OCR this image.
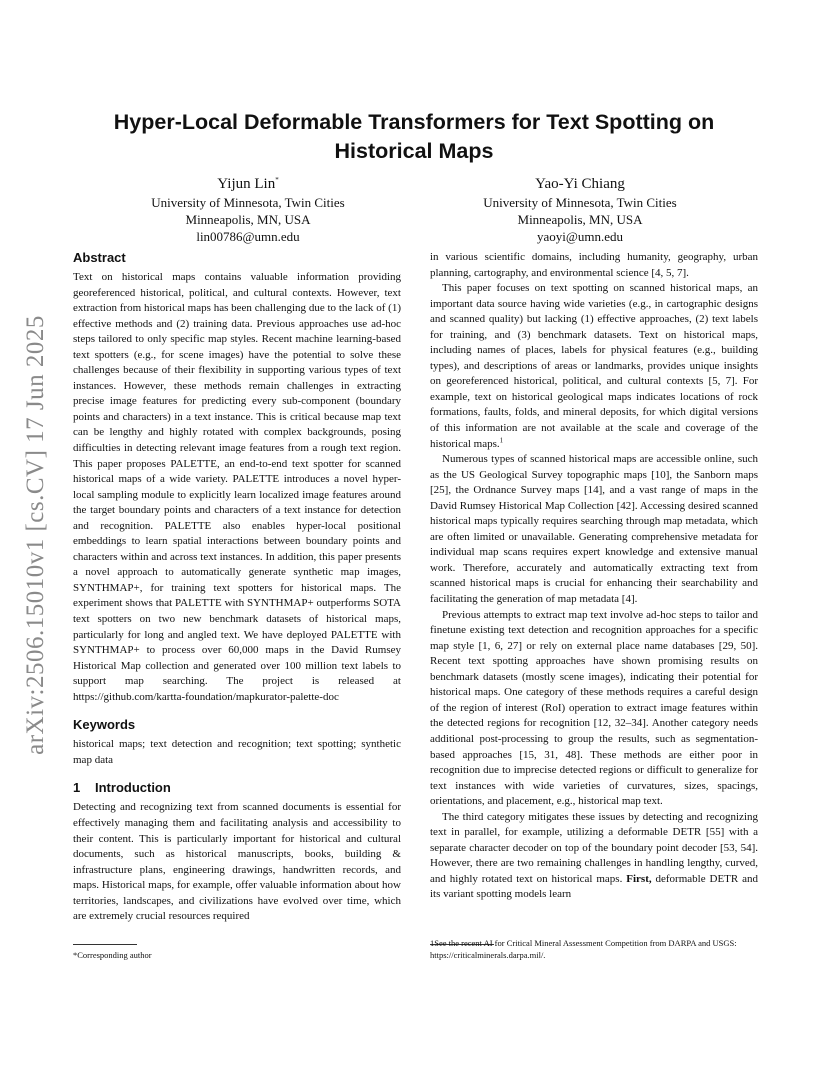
arXiv:2506.15010v1 [cs.CV] 17 Jun 2025
Hyper-Local Deformable Transformers for Text Spotting on Historical Maps
Yijun Lin*
University of Minnesota, Twin Cities
Minneapolis, MN, USA
lin00786@umn.edu
Yao-Yi Chiang
University of Minnesota, Twin Cities
Minneapolis, MN, USA
yaoyi@umn.edu
Abstract

Text on historical maps contains valuable information providing georeferenced historical, political, and cultural contexts. However, text extraction from historical maps has been challenging due to the lack of (1) effective methods and (2) training data. Previous approaches use ad-hoc steps tailored to only specific map styles. Recent machine learning-based text spotters (e.g., for scene images) have the potential to solve these challenges because of their flexibility in supporting various types of text instances. However, these methods remain challenges in extracting precise image features for predicting every sub-component (boundary points and characters) in a text instance. This is critical because map text can be lengthy and highly rotated with complex backgrounds, posing difficulties in detecting relevant image features from a rough text region. This paper proposes PALETTE, an end-to-end text spotter for scanned historical maps of a wide variety. PALETTE introduces a novel hyper-local sampling module to explicitly learn localized image features around the target boundary points and characters of a text instance for detection and recognition. PALETTE also enables hyper-local positional embeddings to learn spatial interactions between boundary points and characters within and across text instances. In addition, this paper presents a novel approach to automatically generate synthetic map images, SYNTHMAP+, for training text spotters for historical maps. The experiment shows that PALETTE with SYNTHMAP+ outperforms SOTA text spotters on two new benchmark datasets of historical maps, particularly for long and angled text. We have deployed PALETTE with SYNTHMAP+ to process over 60,000 maps in the David Rumsey Historical Map collection and generated over 100 million text labels to support map searching. The project is released at https://github.com/kartta-foundation/mapkurator-palette-doc

Keywords

historical maps; text detection and recognition; text spotting; synthetic map data

1 Introduction

Detecting and recognizing text from scanned documents is essential for effectively managing them and facilitating analysis and accessibility to their content. This is particularly important for historical and cultural documents, such as historical manuscripts, books, building & infrastructure plans, engineering drawings, handwritten records, and maps. Historical maps, for example, offer valuable information about how territories, landscapes, and civilizations have evolved over time, which are extremely crucial resources required

in various scientific domains, including humanity, geography, urban planning, cartography, and environmental science [4, 5, 7].

This paper focuses on text spotting on scanned historical maps, an important data source having wide varieties (e.g., in cartographic designs and scanned quality) but lacking (1) effective approaches, (2) text labels for training, and (3) benchmark datasets. Text on historical maps, including names of places, labels for physical features (e.g., building types), and descriptions of areas or landmarks, provides unique insights on georeferenced historical, political, and cultural contexts [5, 7]. For example, text on historical geological maps indicates locations of rock formations, faults, folds, and mineral deposits, for which digital versions of this information are not available at the scale and coverage of the historical maps.$^1$

Numerous types of scanned historical maps are accessible online, such as the US Geological Survey topographic maps [10], the Sanborn maps [25], the Ordnance Survey maps [14], and a vast range of maps in the David Rumsey Historical Map Collection [42]. Accessing desired scanned historical maps typically requires searching through map metadata, which are often limited or unavailable. Generating comprehensive metadata for individual map scans requires expert knowledge and extensive manual work. Therefore, accurately and automatically extracting text from scanned historical maps is crucial for enhancing their searchability and facilitating the generation of map metadata [4].

Previous attempts to extract map text involve ad-hoc steps to tailor and finetune existing text detection and recognition approaches for a specific map style [1, 6, 27] or rely on external place name databases [29, 50]. Recent text spotting approaches have shown promising results on benchmark datasets (mostly scene images), indicating their potential for historical maps. One category of these methods requires a careful design of the region of interest (RoI) operation to extract image features within the detected regions for recognition [12, 32–34]. Another category needs additional post-processing to group the results, such as segmentation-based approaches [15, 31, 48]. These methods are either poor in recognition due to imprecise detected regions or difficult to generalize for text instances with wide varieties of curvatures, sizes, spacings, orientations, and placement, e.g., historical map text.

The third category mitigates these issues by detecting and recognizing text in parallel, for example, utilizing a deformable DETR [55] with a separate character decoder on top of the boundary point decoder [53, 54]. However, there are two remaining challenges in handling lengthy, curved, and highly rotated text on historical maps. First, deformable DETR and its variant spotting models learn

*Corresponding author
1See the recent AI for Critical Mineral Assessment Competition from DARPA and USGS: https://criticalminerals.darpa.mil/.
